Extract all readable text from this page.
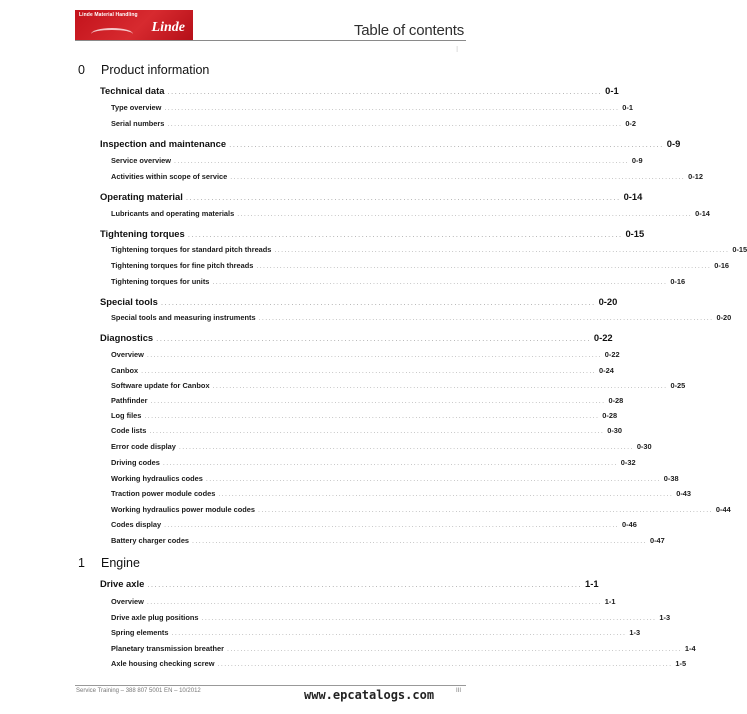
Linde Material Handling
Linde	Table of contents
I
0 Product information
Technical data ........................................................................................................................ 0-1
Type overview ........................................................................................................................................ 0-1
Serial numbers ........................................................................................................................................ 0-2
Inspection and maintenance ........................................................................................................................ 0-9
Service overview ........................................................................................................................................ 0-9
Activities within scope of service ........................................................................................................................................ 0-12
Operating material ........................................................................................................................ 0-14
Lubricants and operating materials ........................................................................................................................................ 0-14
Tightening torques ........................................................................................................................ 0-15
Tightening torques for standard pitch threads ........................................................................................................................................ 0-15
Tightening torques for fine pitch threads ........................................................................................................................................ 0-16
Tightening torques for units ........................................................................................................................................ 0-16
Special tools ........................................................................................................................ 0-20
Special tools and measuring instruments ........................................................................................................................................ 0-20
Diagnostics ........................................................................................................................ 0-22
Overview ........................................................................................................................................ 0-22
Canbox ........................................................................................................................................ 0-24
Software update for Canbox ........................................................................................................................................ 0-25
Pathfinder ........................................................................................................................................ 0-28
Log files ........................................................................................................................................ 0-28
Code lists ........................................................................................................................................ 0-30
Error code display ........................................................................................................................................ 0-30
Driving codes ........................................................................................................................................ 0-32
Working hydraulics codes ........................................................................................................................................ 0-38
Traction power module codes ........................................................................................................................................ 0-43
Working hydraulics power module codes ........................................................................................................................................ 0-44
Codes display ........................................................................................................................................ 0-46
Battery charger codes ........................................................................................................................................ 0-47
1 Engine
Drive axle ........................................................................................................................ 1-1
Overview ........................................................................................................................................ 1-1
Drive axle plug positions ........................................................................................................................................ 1-3
Spring elements ........................................................................................................................................ 1-3
Planetary transmission breather ........................................................................................................................................ 1-4
Axle housing checking screw ........................................................................................................................................ 1-5
Service Training – 388 807 5001 EN – 10/2012	www.epcatalogs.com	III
